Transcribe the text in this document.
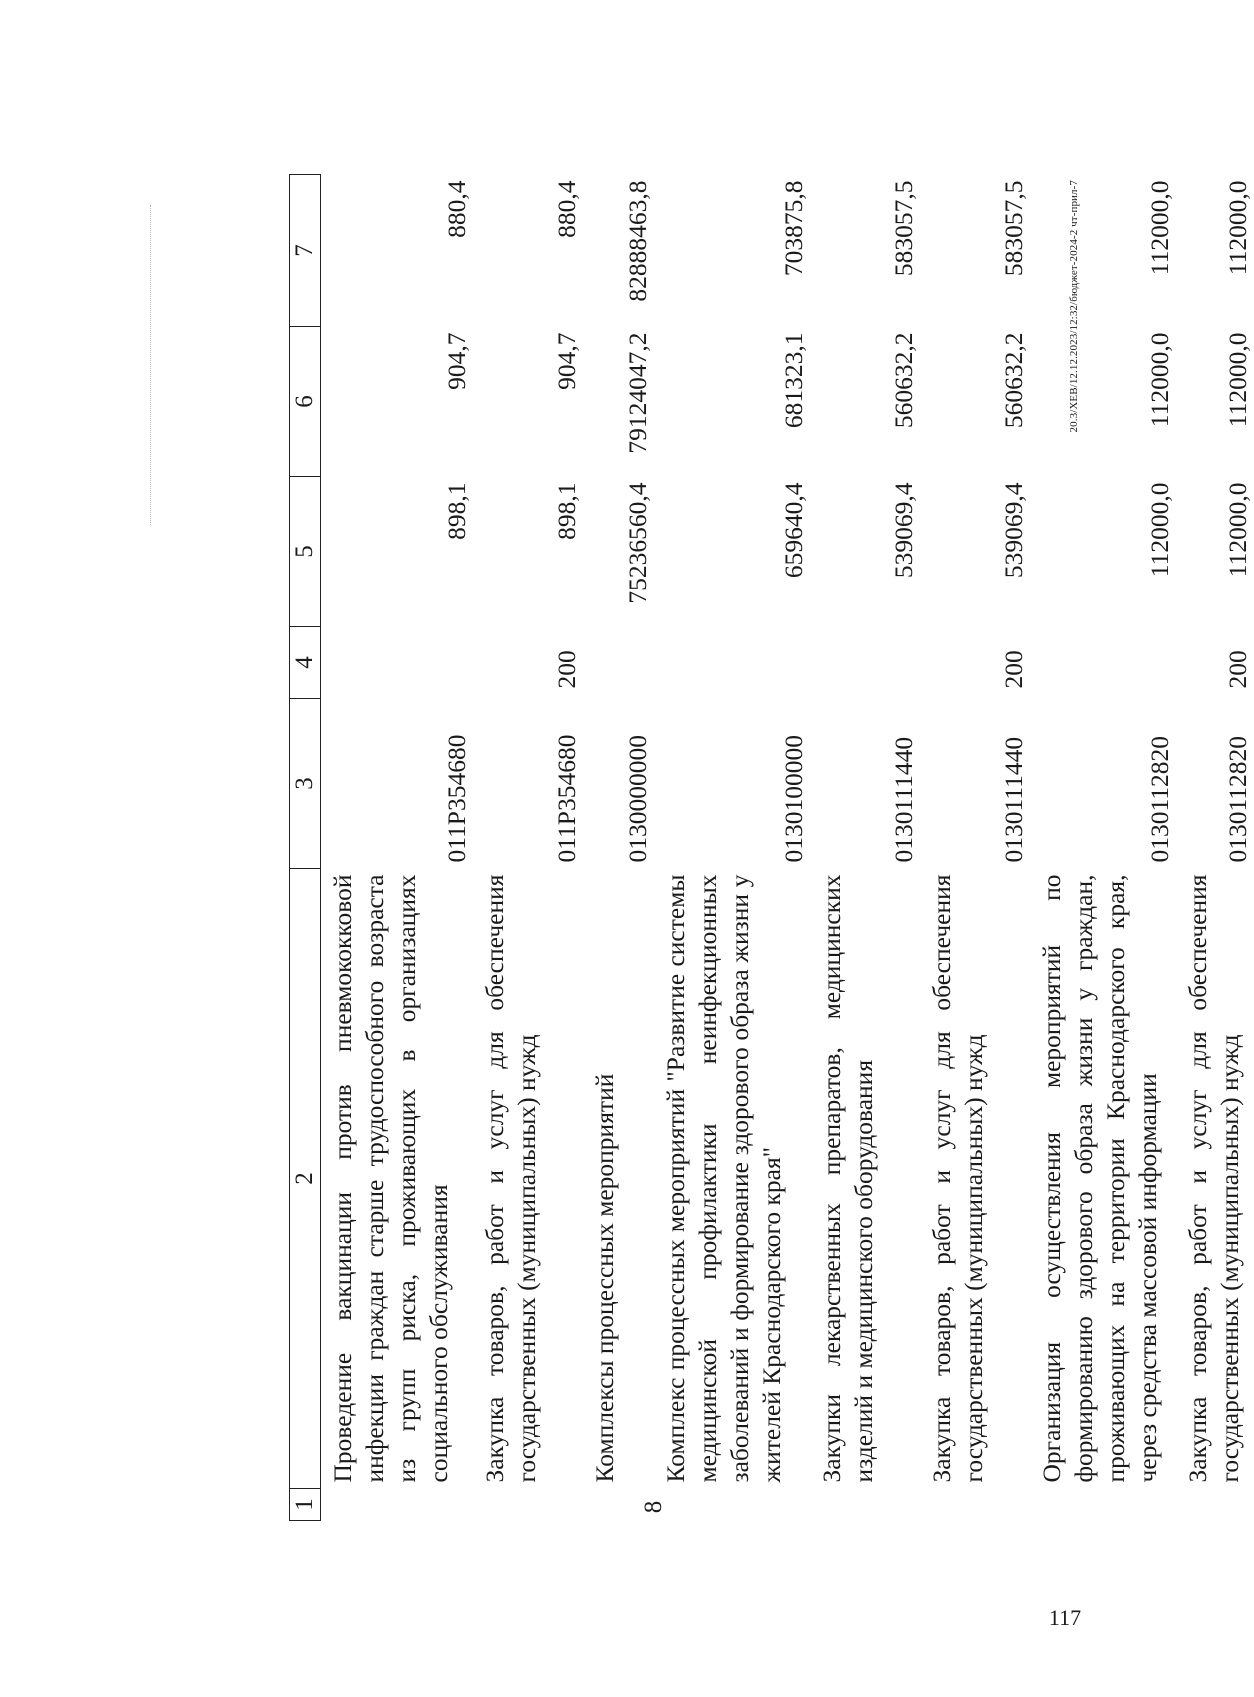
8
1	2	3	4	5	6	7
	Проведение вакцинации против пневмококковой инфекции граждан старше трудоспособного возраста из групп риска, проживающих в организациях социального обслуживания	011P354680		898,1	904,7	880,4
	Закупка товаров, работ и услуг для обеспечения государственных (муниципальных) нужд	011P354680	200	898,1	904,7	880,4
	Комплексы процессных мероприятий	0130000000		75236560,4	79124047,2	82888463,8
	Комплекс процессных мероприятий "Развитие системы медицинской профилактики неинфекционных заболеваний и формирование здорового образа жизни у жителей Краснодарского края"	0130100000		659640,4	681323,1	703875,8
	Закупки лекарственных препаратов, медицинских изделий и медицинского оборудования	0130111440		539069,4	560632,2	583057,5
	Закупка товаров, работ и услуг для обеспечения государственных (муниципальных) нужд	0130111440	200	539069,4	560632,2	583057,5
	Организация осуществления мероприятий по формированию здорового образа жизни у граждан, проживающих на территории Краснодарского края, через средства массовой информации	0130112820		112000,0	112000,0	112000,0
	Закупка товаров, работ и услуг для обеспечения государственных (муниципальных) нужд	0130112820	200	112000,0	112000,0	112000,0
20.3/XEB/12.12.2023/12:32/бюджет-2024-2 чт-прил-7
117
